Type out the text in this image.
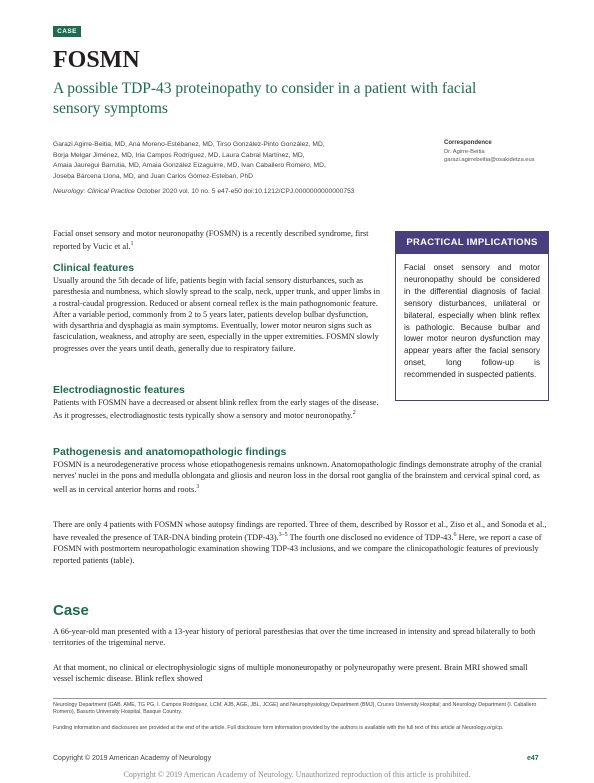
CASE
FOSMN
A possible TDP-43 proteinopathy to consider in a patient with facial sensory symptoms
Garazi Agirre-Beitia, MD, Ana Moreno-Estébanez, MD, Tirso González-Pinto González, MD,
Borja Melgar Jiménez, MD, Iria Campos Rodríguez, MD, Laura Cabral Martínez, MD,
Amaia Jauregui Barrutia, MD, Amaia González Eizaguirre, MD, Ivan Caballero Romero, MD,
Joseba Bárcena Llona, MD, and Juan Carlos Gómez-Esteban, PhD
Neurology: Clinical Practice October 2020 vol. 10 no. 5 e47-e50 doi:10.1212/CPJ.0000000000000753
Correspondence
Dr. Agirre-Beitia
garazi.agirrebeitia@osakidetza.eus

Facial onset sensory and motor neuronopathy (FOSMN) is a recently described syndrome, first reported by Vucic et al.$^1$

Clinical features

Usually around the 5th decade of life, patients begin with facial sensory disturbances, such as paresthesia and numbness, which slowly spread to the scalp, neck, upper trunk, and upper limbs in a rostral-caudal progression. Reduced or absent corneal reflex is the main pathognomonic feature. After a variable period, commonly from 2 to 5 years later, patients develop bulbar dysfunction, with dysarthria and dysphagia as main symptoms. Eventually, lower motor neuron signs such as fasciculation, weakness, and atrophy are seen, especially in the upper extremities. FOSMN slowly progresses over the years until death, generally due to respiratory failure.

Electrodiagnostic features

Patients with FOSMN have a decreased or absent blink reflex from the early stages of the disease. As it progresses, electrodiagnostic tests typically show a sensory and motor neuronopathy.$^2$

Pathogenesis and anatomopathologic findings

FOSMN is a neurodegenerative process whose etiopathogenesis remains unknown. Anatomopathologic findings demonstrate atrophy of the cranial nerves' nuclei in the pons and medulla oblongata and gliosis and neuron loss in the dorsal root ganglia of the brainstem and cervical spinal cord, as well as in cervical anterior horns and roots.$^3$

There are only 4 patients with FOSMN whose autopsy findings are reported. Three of them, described by Rossor et al., Ziso et al., and Sonoda et al., have revealed the presence of TAR-DNA binding protein (TDP-43).$^{3-5}$ The fourth one disclosed no evidence of TDP-43.$^6$ Here, we report a case of FOSMN with postmortem neuropathologic examination showing TDP-43 inclusions, and we compare the clinicopathologic features of previously reported patients (table).

Case

A 66-year-old man presented with a 13-year history of perioral paresthesias that over the time increased in intensity and spread bilaterally to both territories of the trigeminal nerve.

At that moment, no clinical or electrophysiologic signs of multiple mononeuropathy or polyneuropathy were present. Brain MRI showed small vessel ischemic disease. Blink reflex showed

PRACTICAL IMPLICATIONS

Facial onset sensory and motor neuronopathy should be considered in the differential diagnosis of facial sensory disturbances, unilateral or bilateral, especially when blink reflex is pathologic. Because bulbar and lower motor neuron dysfunction may appear years after the facial sensory onset, long follow-up is recommended in suspected patients.

Neurology Department (GAB, AME, TG PG, I. Campos Rodríguez, LCM, AJB, AGE, JBL, JCGE) and Neurophysiology Department (BMJ), Cruces University Hospital; and Neurology Department (I. Caballero Romero), Basurto University Hospital, Basque Country.

Funding information and disclosures are provided at the end of the article. Full disclosure form information provided by the authors is available with the full text of this article at Neurology.org/cp.

Copyright © 2019 American Academy of Neurology	e47
Copyright © 2019 American Academy of Neurology. Unauthorized reproduction of this article is prohibited.
